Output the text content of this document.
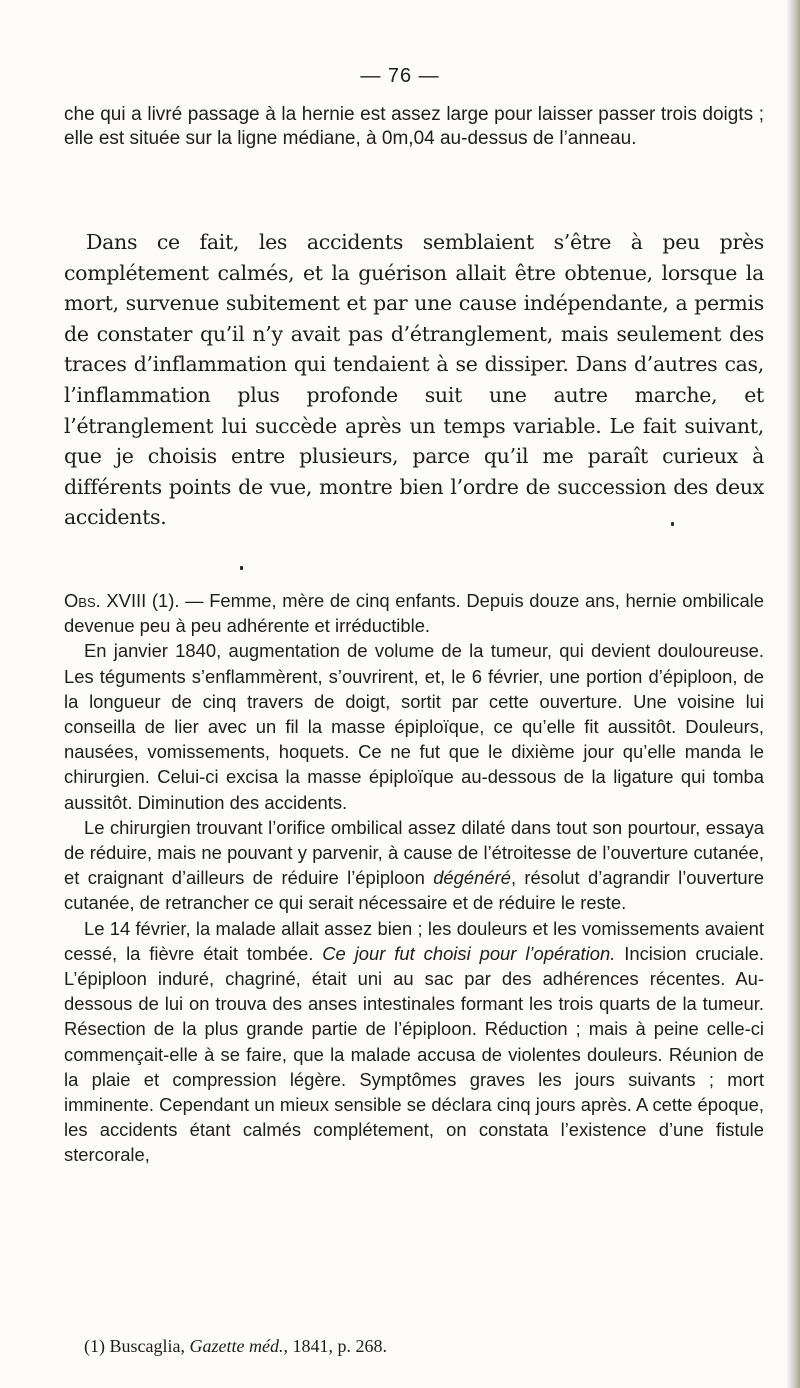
— 76 —

che qui a livré passage à la hernie est assez large pour laisser passer trois doigts ; elle est située sur la ligne médiane, à 0m,04 au-dessus de l’anneau.

Dans ce fait, les accidents semblaient s’être à peu près complétement calmés, et la guérison allait être obtenue, lorsque la mort, survenue subitement et par une cause indépendante, a permis de constater qu’il n’y avait pas d’étranglement, mais seulement des traces d’inflammation qui tendaient à se dissiper. Dans d’autres cas, l’inflammation plus profonde suit une autre marche, et l’étranglement lui succède après un temps variable. Le fait suivant, que je choisis entre plusieurs, parce qu’il me paraît curieux à différents points de vue, montre bien l’ordre de succession des deux accidents.

Obs. XVIII (1). — Femme, mère de cinq enfants. Depuis douze ans, hernie ombilicale devenue peu à peu adhérente et irréductible.

En janvier 1840, augmentation de volume de la tumeur, qui devient douloureuse. Les téguments s’enflammèrent, s’ouvrirent, et, le 6 février, une portion d’épiploon, de la longueur de cinq travers de doigt, sortit par cette ouverture. Une voisine lui conseilla de lier avec un fil la masse épiploïque, ce qu’elle fit aussitôt. Douleurs, nausées, vomissements, hoquets. Ce ne fut que le dixième jour qu’elle manda le chirurgien. Celui-ci excisa la masse épiploïque au-dessous de la ligature qui tomba aussitôt. Diminution des accidents.

Le chirurgien trouvant l’orifice ombilical assez dilaté dans tout son pourtour, essaya de réduire, mais ne pouvant y parvenir, à cause de l’étroitesse de l’ouverture cutanée, et craignant d’ailleurs de réduire l’épiploon dégénéré, résolut d’agrandir l’ouverture cutanée, de retrancher ce qui serait nécessaire et de réduire le reste.

Le 14 février, la malade allait assez bien ; les douleurs et les vomissements avaient cessé, la fièvre était tombée. Ce jour fut choisi pour l’opération. Incision cruciale. L’épiploon induré, chagriné, était uni au sac par des adhérences récentes. Au-dessous de lui on trouva des anses intestinales formant les trois quarts de la tumeur. Résection de la plus grande partie de l’épiploon. Réduction ; mais à peine celle-ci commençait-elle à se faire, que la malade accusa de violentes douleurs. Réunion de la plaie et compression légère. Symptômes graves les jours suivants ; mort imminente. Cependant un mieux sensible se déclara cinq jours après. A cette époque, les accidents étant calmés complétement, on constata l’existence d’une fistule stercorale,

(1) Buscaglia, Gazette méd., 1841, p. 268.
